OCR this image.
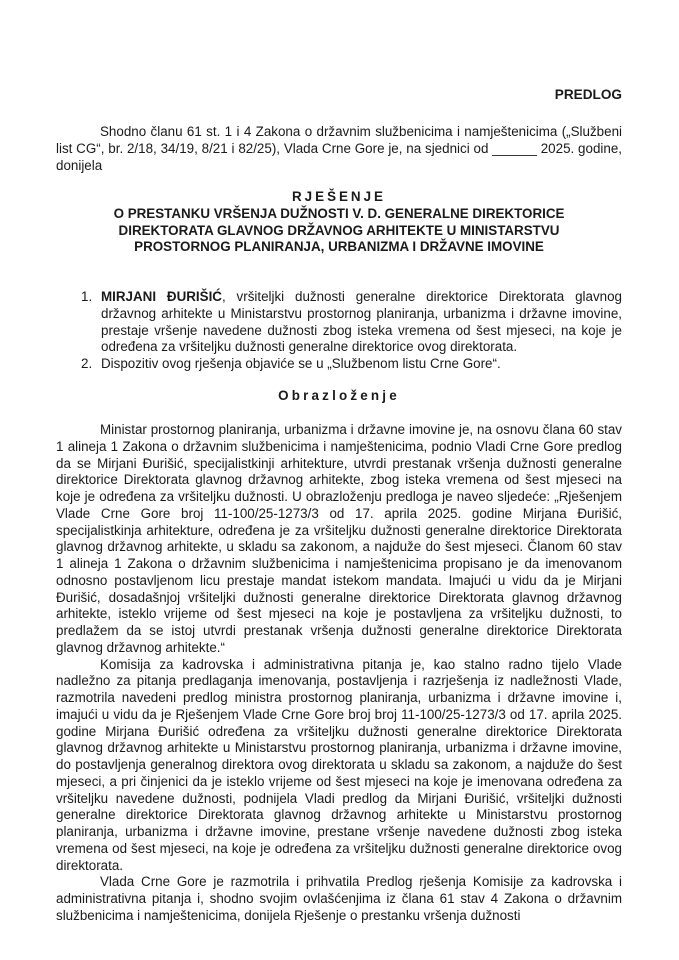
PREDLOG

Shodno članu 61 st. 1 i 4 Zakona o državnim službenicima i namještenicima („Službeni list CG“, br. 2/18, 34/19, 8/21 i 82/25), Vlada Crne Gore je, na sjednici od ______ 2025. godine, donijela

RJEŠENJE
O PRESTANKU VRŠENJA DUŽNOSTI V. D. GENERALNE DIREKTORICE
DIREKTORATA GLAVNOG DRŽAVNOG ARHITEKTE U MINISTARSTVU
PROSTORNOG PLANIRANJA, URBANIZMA I DRŽAVNE IMOVINE
1. MIRJANI ĐURIŠIĆ, vršiteljki dužnosti generalne direktorice Direktorata glavnog državnog arhitekte u Ministarstvu prostornog planiranja, urbanizma i državne imovine, prestaje vršenje navedene dužnosti zbog isteka vremena od šest mjeseci, na koje je određena za vršiteljku dužnosti generalne direktorice ovog direktorata.
2. Dispozitiv ovog rješenja objaviće se u „Službenom listu Crne Gore“.
Obrazloženje

Ministar prostornog planiranja, urbanizma i državne imovine je, na osnovu člana 60 stav 1 alineja 1 Zakona o državnim službenicima i namještenicima, podnio Vladi Crne Gore predlog da se Mirjani Đurišić, specijalistkinji arhitekture, utvrdi prestanak vršenja dužnosti generalne direktorice Direktorata glavnog državnog arhitekte, zbog isteka vremena od šest mjeseci na koje je određena za vršiteljku dužnosti. U obrazloženju predloga je naveo sljedeće: „Rješenjem Vlade Crne Gore broj 11-100/25-1273/3 od 17. aprila 2025. godine Mirjana Đurišić, specijalistkinja arhitekture, određena je za vršiteljku dužnosti generalne direktorice Direktorata glavnog državnog arhitekte, u skladu sa zakonom, a najduže do šest mjeseci. Članom 60 stav 1 alineja 1 Zakona o državnim službenicima i namještenicima propisano je da imenovanom odnosno postavljenom licu prestaje mandat istekom mandata. Imajući u vidu da je Mirjani Đurišić, dosadašnjoj vršiteljki dužnosti generalne direktorice Direktorata glavnog državnog arhitekte, isteklo vrijeme od šest mjeseci na koje je postavljena za vršiteljku dužnosti, to predlažem da se istoj utvrdi prestanak vršenja dužnosti generalne direktorice Direktorata glavnog državnog arhitekte.“

Komisija za kadrovska i administrativna pitanja je, kao stalno radno tijelo Vlade nadležno za pitanja predlaganja imenovanja, postavljenja i razrješenja iz nadležnosti Vlade, razmotrila navedeni predlog ministra prostornog planiranja, urbanizma i državne imovine i, imajući u vidu da je Rješenjem Vlade Crne Gore broj broj 11-100/25-1273/3 od 17. aprila 2025. godine Mirjana Đurišić određena za vršiteljku dužnosti generalne direktorice Direktorata glavnog državnog arhitekte u Ministarstvu prostornog planiranja, urbanizma i državne imovine, do postavljenja generalnog direktora ovog direktorata u skladu sa zakonom, a najduže do šest mjeseci, a pri činjenici da je isteklo vrijeme od šest mjeseci na koje je imenovana određena za vršiteljku navedene dužnosti, podnijela Vladi predlog da Mirjani Đurišić, vršiteljki dužnosti generalne direktorice Direktorata glavnog državnog arhitekte u Ministarstvu prostornog planiranja, urbanizma i državne imovine, prestane vršenje navedene dužnosti zbog isteka vremena od šest mjeseci, na koje je određena za vršiteljku dužnosti generalne direktorice ovog direktorata.

Vlada Crne Gore je razmotrila i prihvatila Predlog rješenja Komisije za kadrovska i administrativna pitanja i, shodno svojim ovlašćenjima iz člana 61 stav 4 Zakona o državnim službenicima i namještenicima, donijela Rješenje o prestanku vršenja dužnosti
